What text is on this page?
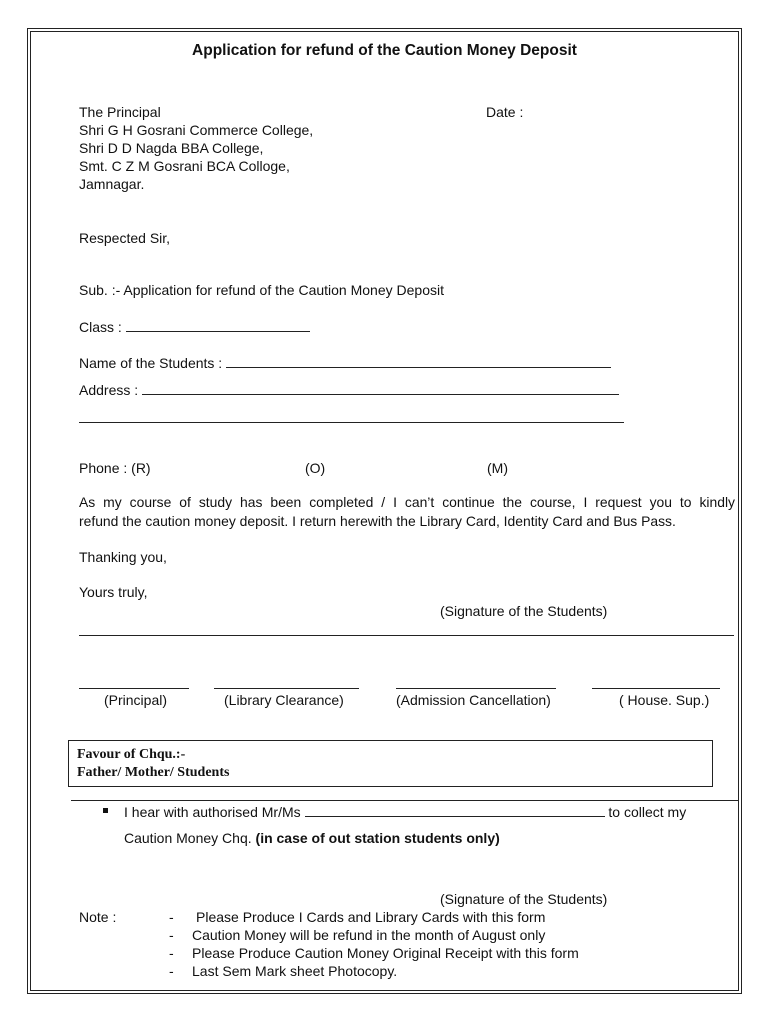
Application for refund of the Caution Money Deposit
The Principal
Shri G H Gosrani Commerce College,
Shri D D Nagda BBA College,
Smt. C Z M Gosrani BCA Colloge,
Jamnagar.
Date :
Respected Sir,
Sub. :- Application for refund of the Caution Money Deposit
Class :
Name of the Students :
Address :
Phone : (R)	(O)	(M)
As my course of study has been completed / I can’t continue the course, I request you to kindly
refund the caution money deposit. I return herewith the Library Card, Identity Card and Bus Pass.
Thanking you,
Yours truly,
(Signature of the Students)
(Principal)	(Library Clearance)	(Admission Cancellation)	( House. Sup.)
Favour of Chqu.:-
Father/ Mother/ Students
I hear with authorised Mr/Ms	to collect my
Caution Money Chq. (in case of out station students only)
(Signature of the Students)
Note :	- Please Produce I Cards and Library Cards with this form
- Caution Money will be refund in the month of August only
- Please Produce Caution Money Original Receipt with this form
- Last Sem Mark sheet Photocopy.
